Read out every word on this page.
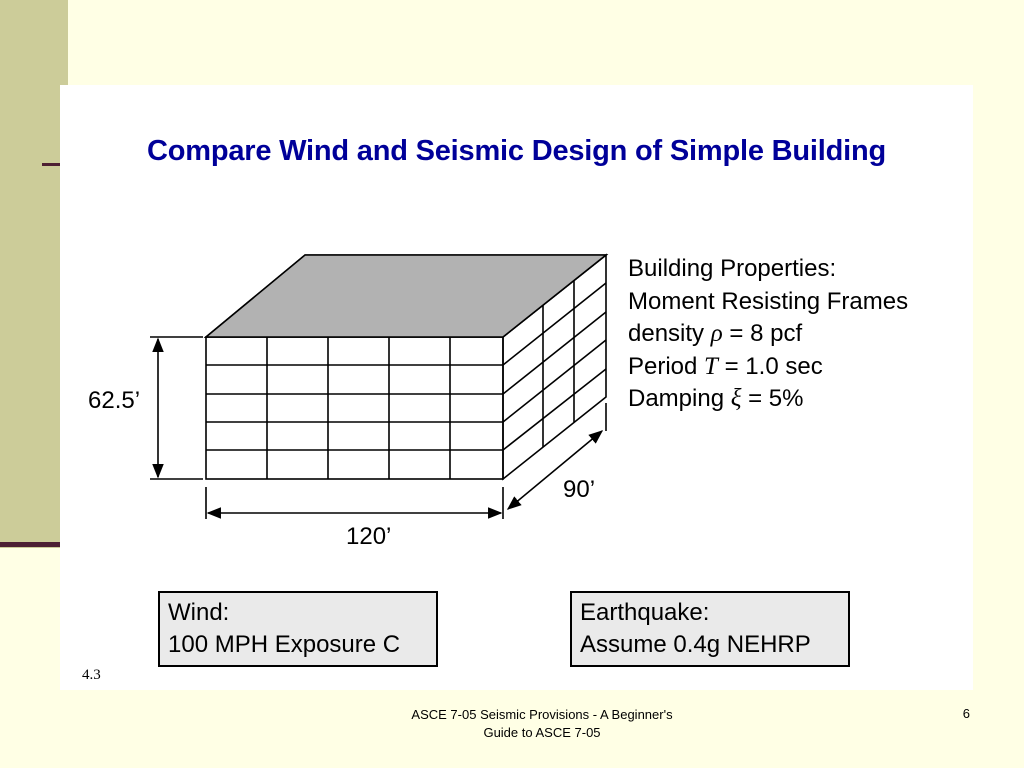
Compare Wind and Seismic Design of Simple Building
62.5’
120’
90’
Building Properties:
Moment Resisting Frames
density ρ = 8 pcf
Period T = 1.0 sec
Damping ξ = 5%
Wind:
100 MPH Exposure C
Earthquake:
Assume 0.4g NEHRP
4.3
ASCE 7-05 Seismic Provisions - A Beginner's
Guide to ASCE 7-05
6
